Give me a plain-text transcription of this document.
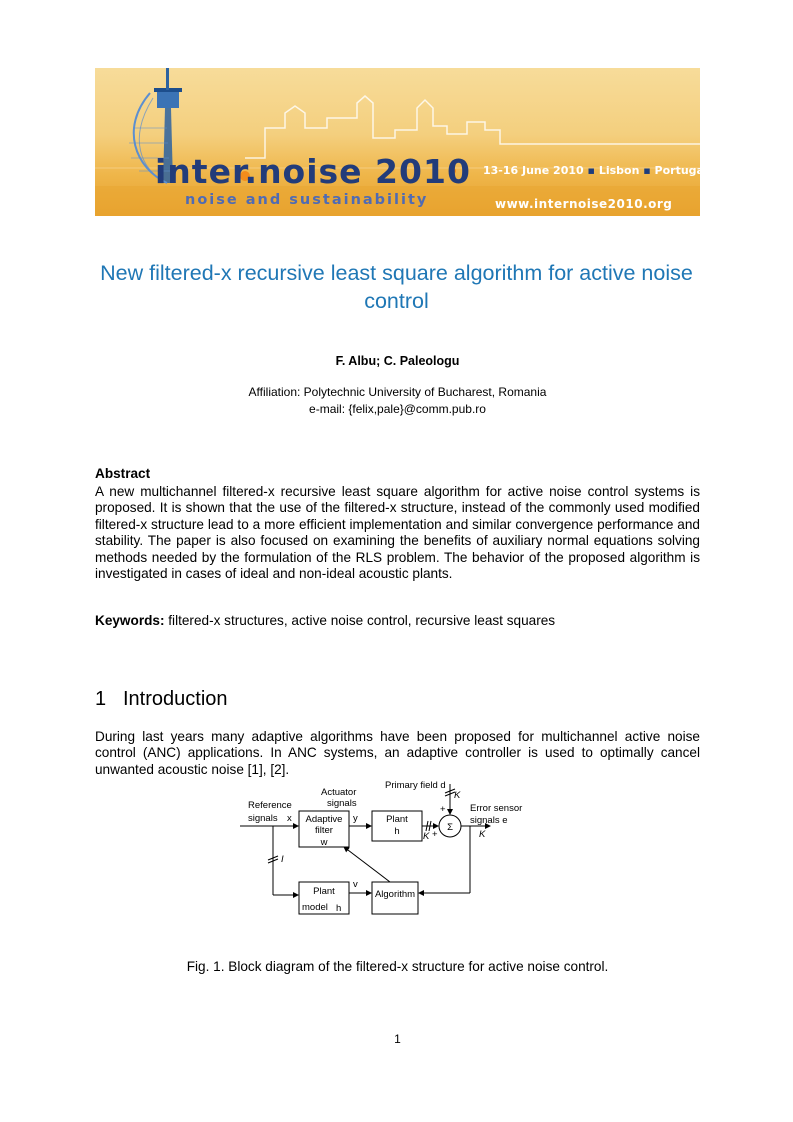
inter.noise 2010
noise and sustainability
13-16 June 2010 ▪ Lisbon ▪ Portugal
www.internoise2010.org
New filtered-x recursive least square algorithm for active noise control
F. Albu; C. Paleologu
Affiliation: Polytechnic University of Bucharest, Romania
e-mail: {felix,pale}@comm.pub.ro
Abstract

A new multichannel filtered-x recursive least square algorithm for active noise control systems is proposed. It is shown that the use of the filtered-x structure, instead of the commonly used modified filtered-x structure lead to a more efficient implementation and similar convergence performance and stability. The paper is also focused on examining the benefits of auxiliary normal equations solving methods needed by the formulation of the RLS problem. The behavior of the proposed algorithm is investigated in cases of ideal and non-ideal acoustic plants.

Keywords: filtered-x structures, active noise control, recursive least squares
1 Introduction

During last years many adaptive algorithms have been proposed for multichannel active noise control (ANC) applications. In ANC systems, an adaptive controller is used to optimally cancel unwanted acoustic noise [1], [2].

Primary field d
K
+
Actuator
signals
Reference
signals x	y
Adaptive
filter
w
Plant
h	Σ
K +
Error sensor
signals e
K
I
v
Plant
model h
Algorithm
Fig. 1. Block diagram of the filtered-x structure for active noise control.
1
